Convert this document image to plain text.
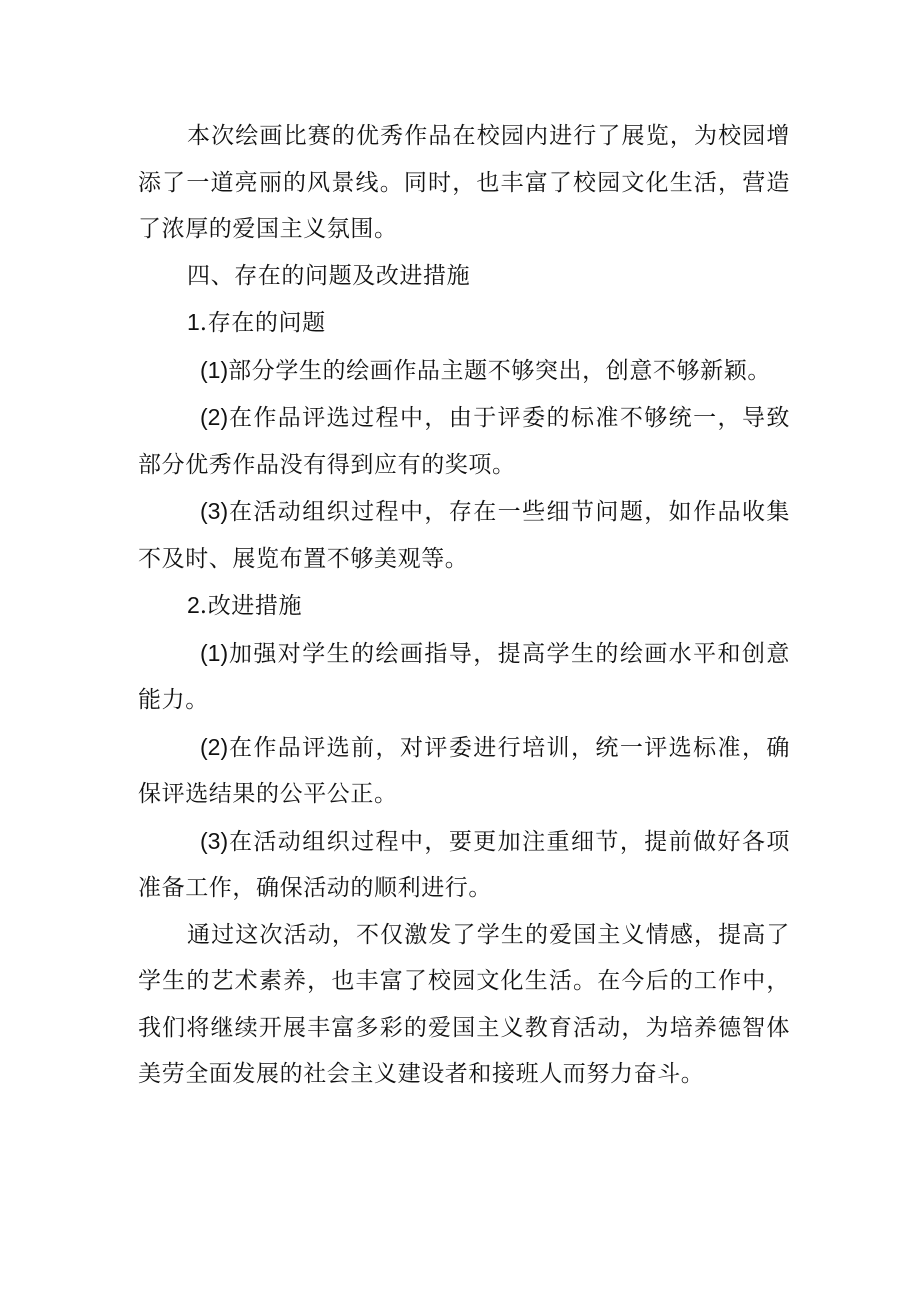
本次绘画比赛的优秀作品在校园内进行了展览，为校园增添了一道亮丽的风景线。同时，也丰富了校园文化生活，营造了浓厚的爱国主义氛围。

四、存在的问题及改进措施

1.存在的问题

(1)部分学生的绘画作品主题不够突出，创意不够新颖。

(2)在作品评选过程中，由于评委的标准不够统一，导致部分优秀作品没有得到应有的奖项。

(3)在活动组织过程中，存在一些细节问题，如作品收集不及时、展览布置不够美观等。

2.改进措施

(1)加强对学生的绘画指导，提高学生的绘画水平和创意能力。

(2)在作品评选前，对评委进行培训，统一评选标准，确保评选结果的公平公正。

(3)在活动组织过程中，要更加注重细节，提前做好各项准备工作，确保活动的顺利进行。

通过这次活动，不仅激发了学生的爱国主义情感，提高了学生的艺术素养，也丰富了校园文化生活。在今后的工作中，我们将继续开展丰富多彩的爱国主义教育活动，为培养德智体美劳全面发展的社会主义建设者和接班人而努力奋斗。
